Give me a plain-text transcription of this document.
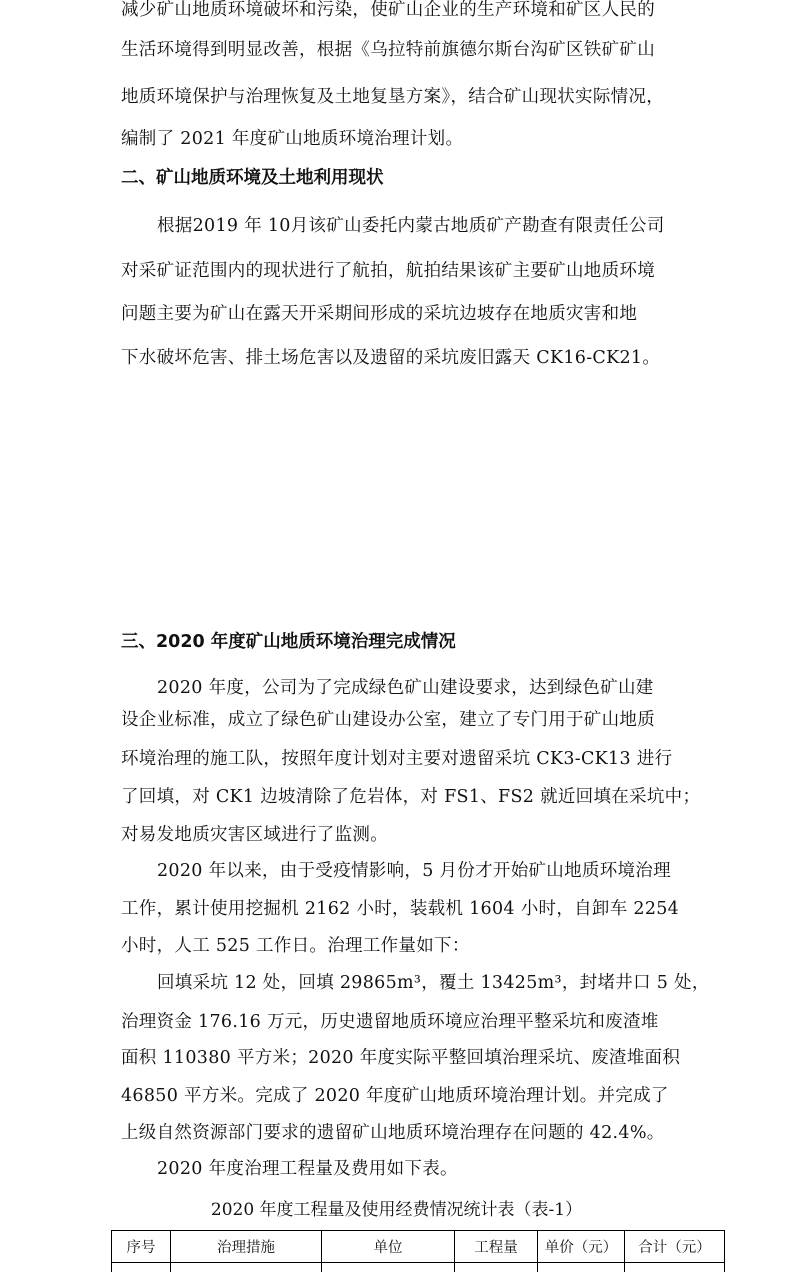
减少矿山地质环境破坏和污染，使矿山企业的生产环境和矿区人民的
生活环境得到明显改善，根据《乌拉特前旗德尔斯台沟矿区铁矿矿山
地质环境保护与治理恢复及土地复垦方案》，结合矿山现状实际情况，
编制了 2021 年度矿山地质环境治理计划。
二、矿山地质环境及土地利用现状
根据2019 年 10月该矿山委托内蒙古地质矿产勘查有限责任公司
对采矿证范围内的现状进行了航拍，航拍结果该矿主要矿山地质环境
问题主要为矿山在露天开采期间形成的采坑边坡存在地质灾害和地
下水破坏危害、排土场危害以及遗留的采坑废旧露天 CK16-CK21。
三、2020 年度矿山地质环境治理完成情况
2020 年度，公司为了完成绿色矿山建设要求，达到绿色矿山建
设企业标准，成立了绿色矿山建设办公室，建立了专门用于矿山地质
环境治理的施工队，按照年度计划对主要对遗留采坑 CK3-CK13 进行
了回填，对 CK1 边坡清除了危岩体，对 FS1、FS2 就近回填在采坑中；
对易发地质灾害区域进行了监测。
2020 年以来，由于受疫情影响，5 月份才开始矿山地质环境治理
工作，累计使用挖掘机 2162 小时，装载机 1604 小时，自卸车 2254
小时，人工 525 工作日。治理工作量如下：
回填采坑 12 处，回填 29865m³，覆土 13425m³，封堵井口 5 处，
治理资金 176.16 万元，历史遗留地质环境应治理平整采坑和废渣堆
面积 110380 平方米；2020 年度实际平整回填治理采坑、废渣堆面积
46850 平方米。完成了 2020 年度矿山地质环境治理计划。并完成了
上级自然资源部门要求的遗留矿山地质环境治理存在问题的 42.4%。
2020 年度治理工程量及费用如下表。
2020 年度工程量及使用经费情况统计表（表-1）
序号	治理措施	单位	工程量	单价（元）	合计（元）
